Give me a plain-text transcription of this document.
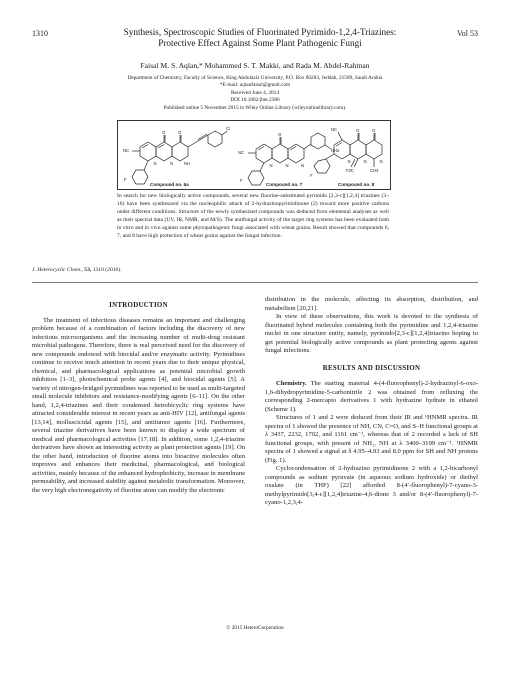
1310	Synthesis, Spectroscopic Studies of Fluorinated Pyrimido-1,2,4-Triazines:
Protective Effect Against Some Plant Pathogenic Fungi
Vol 53
Faisal M. S. Aqlan,* Mohammed S. T. Makki, and Rada M. Abdel-Rahman
Department of Chemistry, Faculty of Science, King Abdulaziz University, P.O. Box 80203, Jeddah, 21589, Saudi Arabia
*E-mail: aqlanfaisal@gmail.com
Received June 4, 2014
DOI 10.1002/jhet.2386
Published online 5 November 2015 in Wiley Online Library (wileyonlinelibrary.com).
NC
O	O
N	N	NH
F
Cl
NC
O
N	N	N
F
NH2
NC	O	O
N	N	N
CH3
F3C
F
Compound no. 6a	Compound no. 7	Compound no. 8
In search for new biologically active compounds, several new fluorine-substituted pyrimido [2,3-c][1,2,4] triazines (3–16) have been synthesized via the nucleophilic attack of 2-hydrazinopyrimidinone (2) toward more positive carbons under different conditions. Structure of the newly synthesized compounds was deduced from elemental analyses as well as their spectral data (UV, IR, NMR, and M/S). The antifungal activity of the target ring systems has been evaluated both in vitro and in vivo against some phytopathogenic fungi associated with wheat grains. Result showed that compounds 6, 7, and 8 have high protection of wheat grains against the fungal infection.
J. Heterocyclic Chem., 53, 1310 (2016).
INTRODUCTION

The treatment of infectious diseases remains an important and challenging problem because of a combination of factors including the discovery of new infectious microorganisms and the increasing number of multi-drug resistant microbial pathogens. Therefore, there is real perceived need for the discovery of new compounds endowed with biocidal and/or enzymatic activity. Pyrimidines continue to receive much attention in recent years due to their unique physical, chemical, and pharmacological applications as potential microbial growth inhibitors [1–3], photochemical probe agents [4], and biocidal agents [5]. A variety of nitrogen-bridged pyrimidines was reported to be used as multi-targeted small molecule inhibitors and resistance-modifying agents [6–11]. On the other hand, 1,2,4-triazines and their condensed hetrobicyclic ring systems have attracted considerable interest in recent years as anti-HIV [12], antifungal agents [13,14], molluscicidal agents [15], and antitumor agents [16]. Furthermore, several triazine derivatives have been known to display a wide spectrum of medical and pharmacological activities [17,18]. In addition, some 1,2,4-triazine derivatives have shown an interesting activity as plant protection agents [19]. On the other hand, introduction of fluorine atoms into bioactive molecules often improves and enhances their medicinal, pharmacological, and biological activities, mainly because of the enhanced hydrophobicity, increase in membrane permeability, and increased stability against metabolic transformation. Moreover, the very high electronegativity of fluorine atom can modify the electronic

distribution in the molecule, affecting its absorption, distribution, and metabolism [20,21].

In view of these observations, this work is devoted to the synthesis of fluorinated hybrid molecules containing both the pyrimidine and 1,2,4-triazine nuclei in one structure entity, namely, pyrimido[2,3-c][1,2,4]triazino hoping to get potential biologically active compounds as plant protecting agents against fungal infections.

RESULTS AND DISCUSSION

Chemistry. The starting material 4-(4-fluorophenyl)-2-hydrazinyl-6-oxo-1,6-dihydropyrimidine-5-carbonitrile 2 was obtained from refluxing the corresponding 2-mercapto derivatives 1 with hydrazine hydrate in ethanol (Scheme 1).

Structures of 1 and 2 were deduced from their IR and ¹HNMR spectra. IR spectra of 1 showed the presence of NH, CN, C=O, and S–H functional groups at λ 3437, 2232, 1702, and 1161 cm⁻¹, whereas that of 2 recorded a lack of SH functional groups, with present of NH₂, NH at λ 3400–3199 cm⁻¹. ¹HNMR spectra of 1 showed a signal at δ 4.95–4.93 and 8.0 ppm for SH and NH protons (Fig. 1).

Cyclocondensation of 2-hydrazino pyrimidinone 2 with a 1,2-bicarbonyl compounds as sodium pyruvate (in aqueous sodium hydroxide) or diethyl oxalate (in THF) [22] afforded 8-(4′-fluorophenyl)-7-cyano-3-methylpyrimido[3,4-c][1,2,4]triazine-4,6-dione 3 and/or 8-(4′-fluorophenyl)-7-cyano-1,2,3,4-

© 2015 HeteroCorporation
